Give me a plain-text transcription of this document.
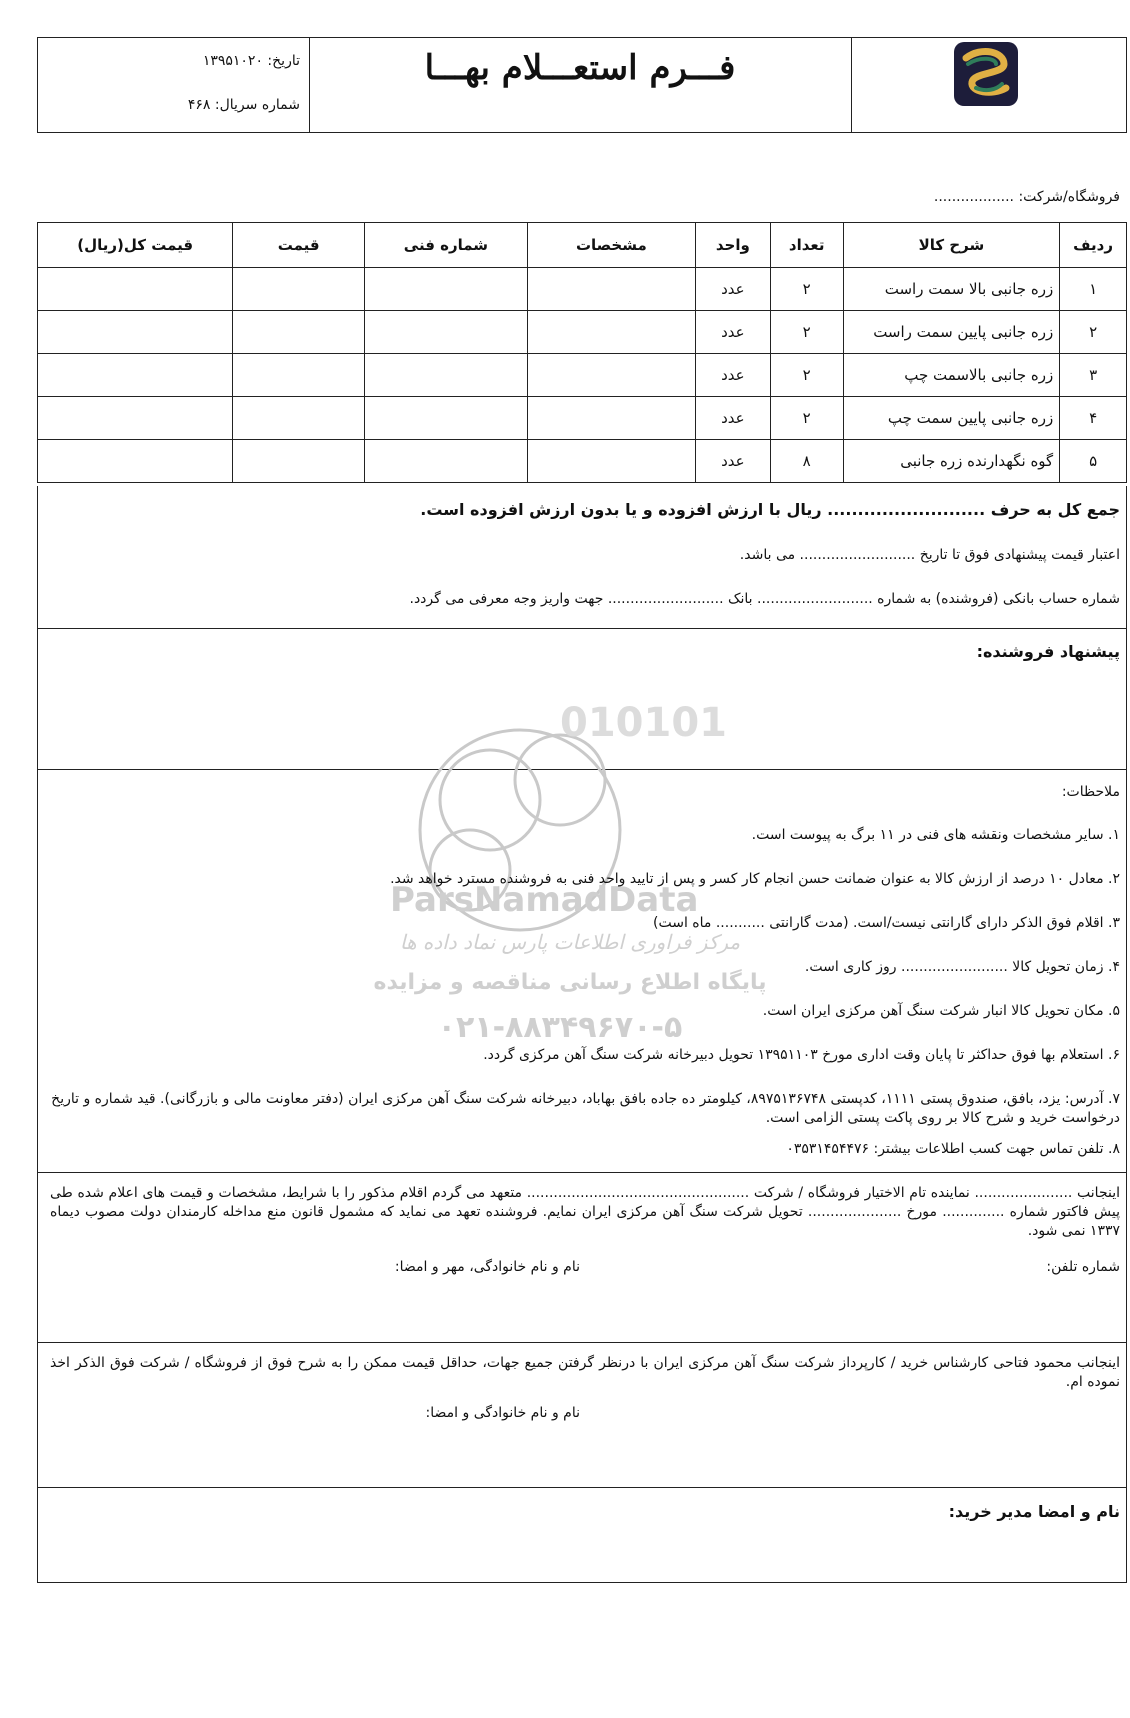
فـــرم استعـــلام بهـــا
تاریخ: ۱۳۹۵۱۰۲۰
شماره سریال: ۴۶۸
فروشگاه/شرکت: ..................
ردیف	شرح کالا	تعداد	واحد	مشخصات	شماره فنی	قیمت	قیمت کل(ریال)
۱	زره جانبی بالا سمت راست	۲	عدد				
۲	زره جانبی پایین سمت راست	۲	عدد				
۳	زره جانبی بالاسمت چپ	۲	عدد				
۴	زره جانبی پایین سمت چپ	۲	عدد				
۵	گوه نگهدارنده زره جانبی	۸	عدد				
جمع کل به حرف .......................... ریال با ارزش افزوده و یا بدون ارزش افزوده است.
اعتبار قیمت پیشنهادی فوق تا تاریخ .......................... می باشد.
شماره حساب بانکی (فروشنده) به شماره .......................... بانک .......................... جهت واریز وجه معرفی می گردد.
پیشنهاد فروشنده:
010101
ParsNamadData
مرکز فراوری اطلاعات پارس نماد داده ها
پایگاه اطلاع رسانی مناقصه و مزایده
۰۲۱-۸۸۳۴۹۶۷۰-۵
ملاحظات:
۱. سایر مشخصات ونقشه های فنی در ۱۱ برگ به پیوست است.
۲. معادل ۱۰ درصد از ارزش کالا به عنوان ضمانت حسن انجام کار کسر و پس از تایید واحد فنی به فروشنده مسترد خواهد شد.
۳. اقلام فوق الذکر دارای گارانتی نیست/است. (مدت گارانتی ........... ماه است)
۴. زمان تحویل کالا ........................ روز کاری است.
۵. مکان تحویل کالا انبار شرکت سنگ آهن مرکزی ایران است.
۶. استعلام بها فوق حداکثر تا پایان وقت اداری مورخ ۱۳۹۵۱۱۰۳ تحویل دبیرخانه شرکت سنگ آهن مرکزی گردد.
۷. آدرس: یزد، بافق، صندوق پستی ۱۱۱۱، کدپستی ۸۹۷۵۱۳۶۷۴۸، کیلومتر ده جاده بافق بهاباد، دبیرخانه شرکت سنگ آهن مرکزی ایران (دفتر معاونت مالی و بازرگانی). قید شماره و تاریخ درخواست خرید و شرح کالا بر روی پاکت پستی الزامی است.
۸. تلفن تماس جهت کسب اطلاعات بیشتر: ۰۳۵۳۱۴۵۴۴۷۶
اینجانب ...................... نماینده تام الاختیار فروشگاه / شرکت .................................................. متعهد می گردم اقلام مذکور را با شرایط، مشخصات و قیمت های اعلام شده طی پیش فاکتور شماره .............. مورخ ..................... تحویل شرکت سنگ آهن مرکزی ایران نمایم. فروشنده تعهد می نماید که مشمول قانون منع مداخله کارمندان دولت مصوب دیماه ۱۳۳۷ نمی شود.
شماره تلفن:
نام و نام خانوادگی، مهر و امضا:
اینجانب محمود فتاحی کارشناس خرید / کارپرداز شرکت سنگ آهن مرکزی ایران با درنظر گرفتن جمیع جهات، حداقل قیمت ممکن را به شرح فوق از فروشگاه / شرکت فوق الذکر اخذ نموده ام.
نام و نام خانوادگی و امضا:
نام و امضا مدیر خرید:
